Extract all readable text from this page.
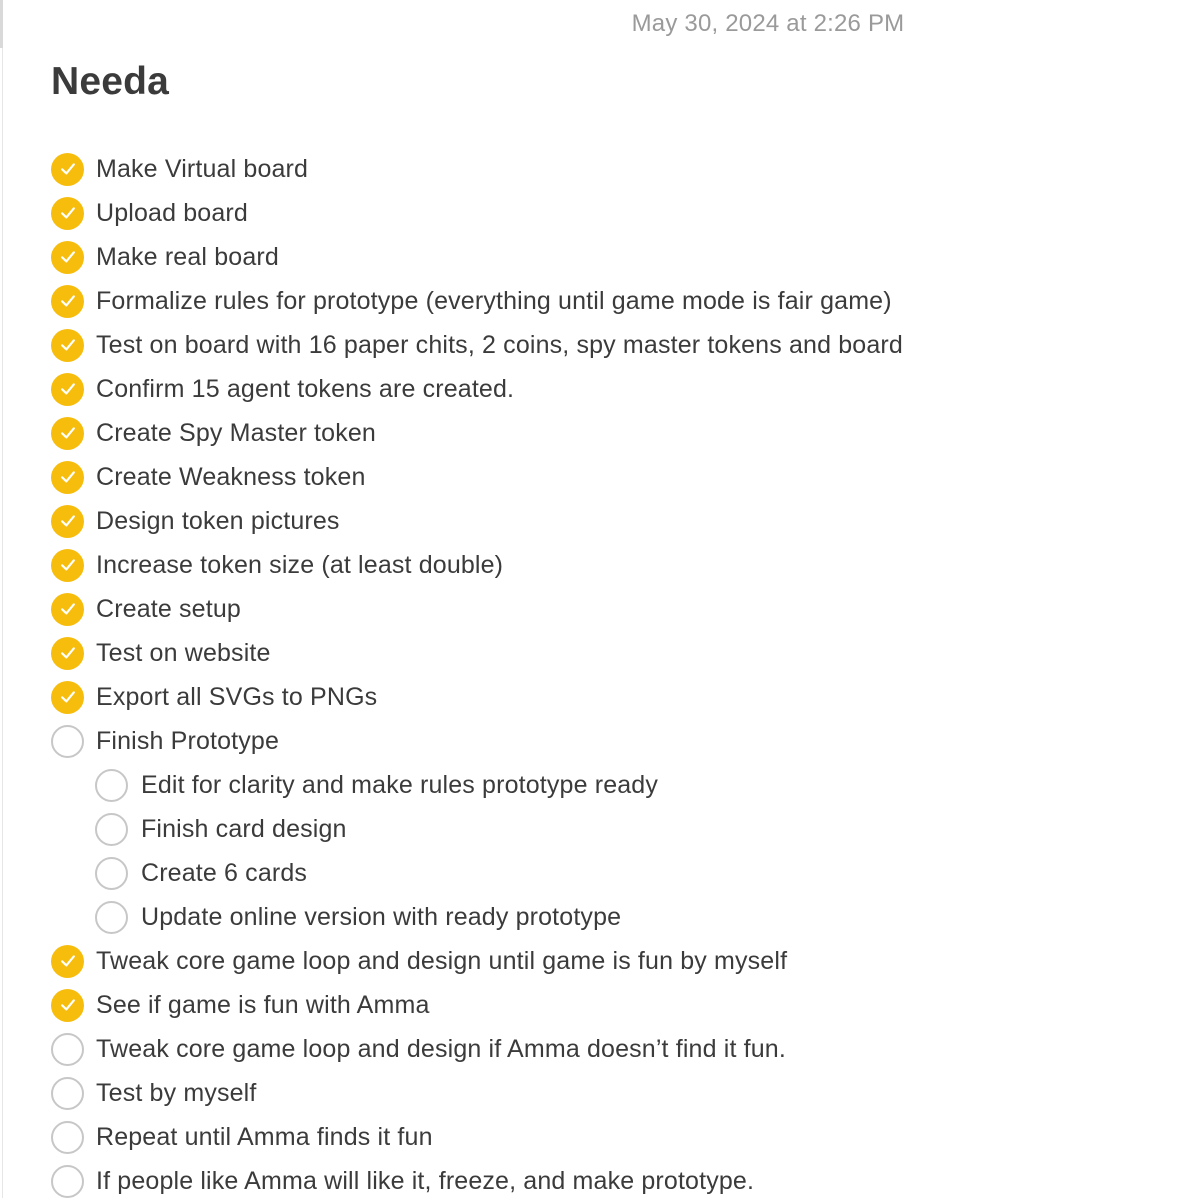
May 30, 2024 at 2:26 PM
Needa
Make Virtual board
Upload board
Make real board
Formalize rules for prototype (everything until game mode is fair game)
Test on board with 16 paper chits, 2 coins, spy master tokens and board
Confirm 15 agent tokens are created.
Create Spy Master token
Create Weakness token
Design token pictures
Increase token size (at least double)
Create setup
Test on website
Export all SVGs to PNGs
Finish Prototype
Edit for clarity and make rules prototype ready
Finish card design
Create 6 cards
Update online version with ready prototype
Tweak core game loop and design until game is fun by myself
See if game is fun with Amma
Tweak core game loop and design if Amma doesn’t find it fun.
Test by myself
Repeat until Amma finds it fun
If people like Amma will like it, freeze, and make prototype.
